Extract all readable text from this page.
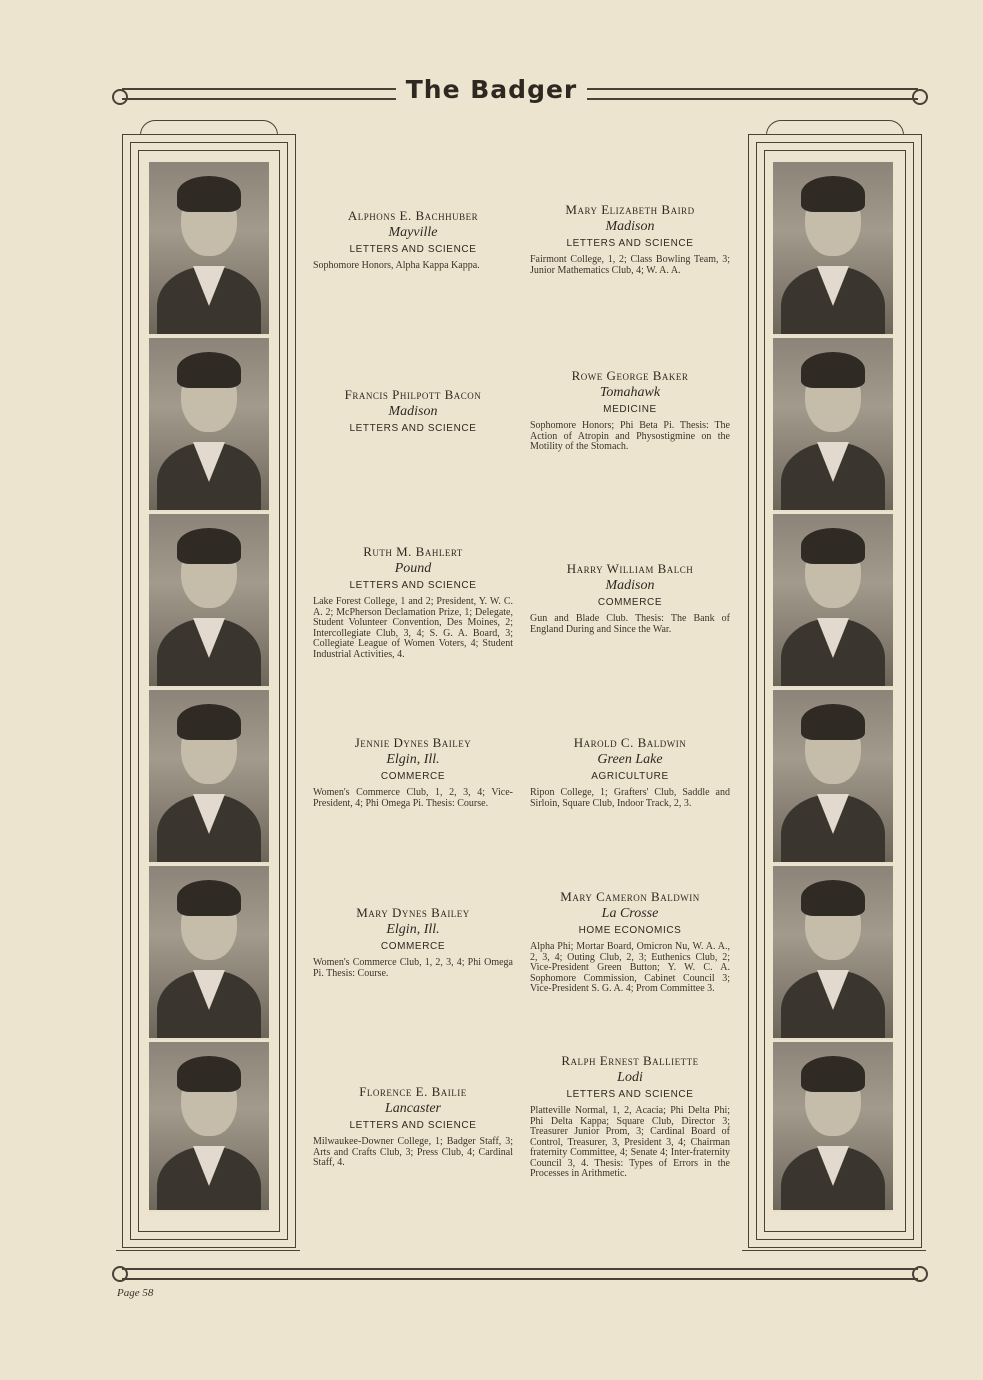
The Badger
Page 58
Alphons E. Bachhuber
Mayville
LETTERS AND SCIENCE
Sophomore Honors, Alpha Kappa Kappa.
Francis Philpott Bacon
Madison
LETTERS AND SCIENCE
Ruth M. Bahlert
Pound
LETTERS AND SCIENCE
Lake Forest College, 1 and 2; President, Y. W. C. A. 2; McPherson Declamation Prize, 1; Delegate, Student Volunteer Convention, Des Moines, 2; Intercollegiate Club, 3, 4; S. G. A. Board, 3; Collegiate League of Women Voters, 4; Student Industrial Activities, 4.
Jennie Dynes Bailey
Elgin, Ill.
COMMERCE
Women's Commerce Club, 1, 2, 3, 4; Vice-President, 4; Phi Omega Pi. Thesis: Course.
Mary Dynes Bailey
Elgin, Ill.
COMMERCE
Women's Commerce Club, 1, 2, 3, 4; Phi Omega Pi. Thesis: Course.
Florence E. Bailie
Lancaster
LETTERS AND SCIENCE
Milwaukee-Downer College, 1; Badger Staff, 3; Arts and Crafts Club, 3; Press Club, 4; Cardinal Staff, 4.
Mary Elizabeth Baird
Madison
LETTERS AND SCIENCE
Fairmont College, 1, 2; Class Bowling Team, 3; Junior Mathematics Club, 4; W. A. A.
Rowe George Baker
Tomahawk
MEDICINE
Sophomore Honors; Phi Beta Pi. Thesis: The Action of Atropin and Physostigmine on the Motility of the Stomach.
Harry William Balch
Madison
COMMERCE
Gun and Blade Club. Thesis: The Bank of England During and Since the War.
Harold C. Baldwin
Green Lake
AGRICULTURE
Ripon College, 1; Grafters' Club, Saddle and Sirloin, Square Club, Indoor Track, 2, 3.
Mary Cameron Baldwin
La Crosse
HOME ECONOMICS
Alpha Phi; Mortar Board, Omicron Nu, W. A. A., 2, 3, 4; Outing Club, 2, 3; Euthenics Club, 2; Vice-President Green Button; Y. W. C. A. Sophomore Commission, Cabinet Council 3; Vice-President S. G. A. 4; Prom Committee 3.
Ralph Ernest Balliette
Lodi
LETTERS AND SCIENCE
Platteville Normal, 1, 2, Acacia; Phi Delta Phi; Phi Delta Kappa; Square Club, Director 3; Treasurer Junior Prom, 3; Cardinal Board of Control, Treasurer, 3, President 3, 4; Chairman fraternity Committee, 4; Senate 4; Inter-fraternity Council 3, 4. Thesis: Types of Errors in the Processes in Arithmetic.
